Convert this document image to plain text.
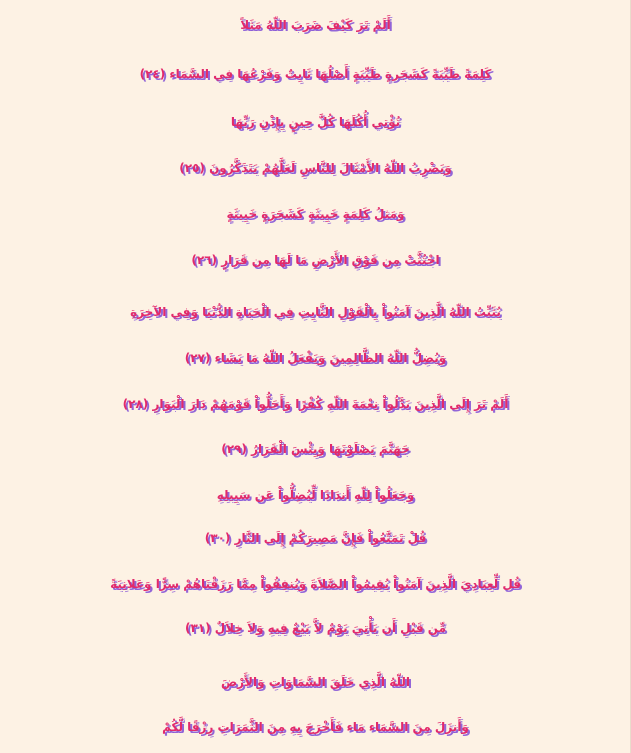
أَلَمْ تَرَ كَيْفَ ضَرَبَ اللّهُ مَثَلاً
كَلِمَةً طَيِّبَةً كَشَجَرةٍ طَيِّبَةٍ أَصْلُهَا ثَابِتٌ وَفَرْعُهَا فِي السَّمَاء (٢٤)
تُؤْتِي أُكُلَهَا كُلَّ حِينٍ بِإِذْنِ رَبِّهَا
وَيَضْرِبُ اللّهُ الأَمْثَالَ لِلنَّاسِ لَعَلَّهُمْ يَتَذَكَّرُونَ (٢٥)
وَمَثلُ كَلِمَةٍ خَبِيثَةٍ كَشَجَرَةٍ خَبِيثَةٍ
اجْتُثَّتْ مِن فَوْقِ الأَرْضِ مَا لَهَا مِن قَرَارٍ (٢٦)
يُثَبِّتُ اللّهُ الَّذِينَ آمَنُواْ بِالْقَوْلِ الثَّابِتِ فِي الْحَيَاةِ الدُّنْيَا وَفِي الآخِرَةِ
وَيُضِلُّ اللّهُ الظَّالِمِينَ وَيَفْعَلُ اللّهُ مَا يَشَاء (٢٧)
أَلَمْ تَرَ إِلَى الَّذِينَ بَدَّلُواْ نِعْمَةَ اللّهِ كُفْرًا وَأَحَلُّواْ قَوْمَهُمْ دَارَ الْبَوَارِ (٢٨)
جَهَنَّمَ يَصْلَوْنَهَا وَبِئْسَ الْقَرَارُ (٢٩)
وَجَعَلُواْ لِلّهِ أَندَادًا لِّيُضِلُّواْ عَن سَبِيلِهِ
قُلْ تَمَتَّعُواْ فَإِنَّ مَصِيرَكُمْ إِلَى النَّارِ (٣٠)
قُل لِّعِبَادِيَ الَّذِينَ آمَنُواْ يُقِيمُواْ الصَّلاَةَ وَيُنفِقُواْ مِمَّا رَزَقْنَاهُمْ سِرًّا وَعَلانِيَةً
مِّن قَبْلِ أَن يَأْتِيَ يَوْمٌ لاَّ بَيْعٌ فِيهِ وَلاَ خِلاَلٌ (٣١)
اللّهُ الَّذِي خَلَقَ السَّمَاوَاتِ وَالأَرْضَ
وَأَنزَلَ مِنَ السَّمَاء مَاء فَأَخْرَجَ بِهِ مِنَ الثَّمَرَاتِ رِزْقًا لَّكُمْ
